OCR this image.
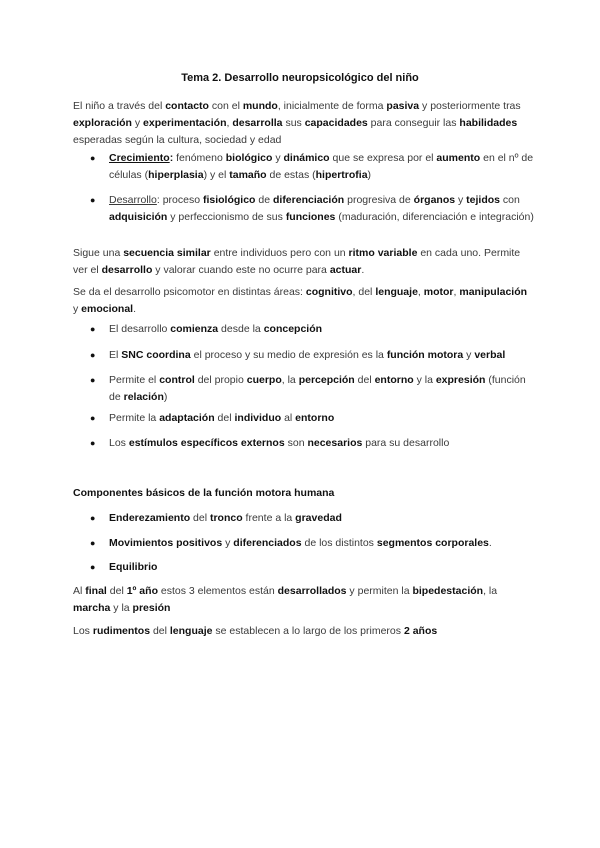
Tema 2. Desarrollo neuropsicológico del niño
El niño a través del contacto con el mundo, inicialmente de forma pasiva y posteriormente tras exploración y experimentación, desarrolla sus capacidades para conseguir las habilidades esperadas según la cultura, sociedad y edad
● Crecimiento: fenómeno biológico y dinámico que se expresa por el aumento en el nº de células (hiperplasia) y el tamaño de estas (hipertrofia)
● Desarrollo: proceso fisiológico de diferenciación progresiva de órganos y tejidos con adquisición y perfeccionismo de sus funciones (maduración, diferenciación e integración)
Sigue una secuencia similar entre individuos pero con un ritmo variable en cada uno. Permite ver el desarrollo y valorar cuando este no ocurre para actuar.
Se da el desarrollo psicomotor en distintas áreas: cognitivo, del lenguaje, motor, manipulación y emocional.
● El desarrollo comienza desde la concepción
● El SNC coordina el proceso y su medio de expresión es la función motora y verbal
● Permite el control del propio cuerpo, la percepción del entorno y la expresión (función de relación)
● Permite la adaptación del individuo al entorno
● Los estímulos específicos externos son necesarios para su desarrollo
Componentes básicos de la función motora humana
● Enderezamiento del tronco frente a la gravedad
● Movimientos positivos y diferenciados de los distintos segmentos corporales.
● Equilibrio
Al final del 1º año estos 3 elementos están desarrollados y permiten la bipedestación, la marcha y la presión
Los rudimentos del lenguaje se establecen a lo largo de los primeros 2 años
